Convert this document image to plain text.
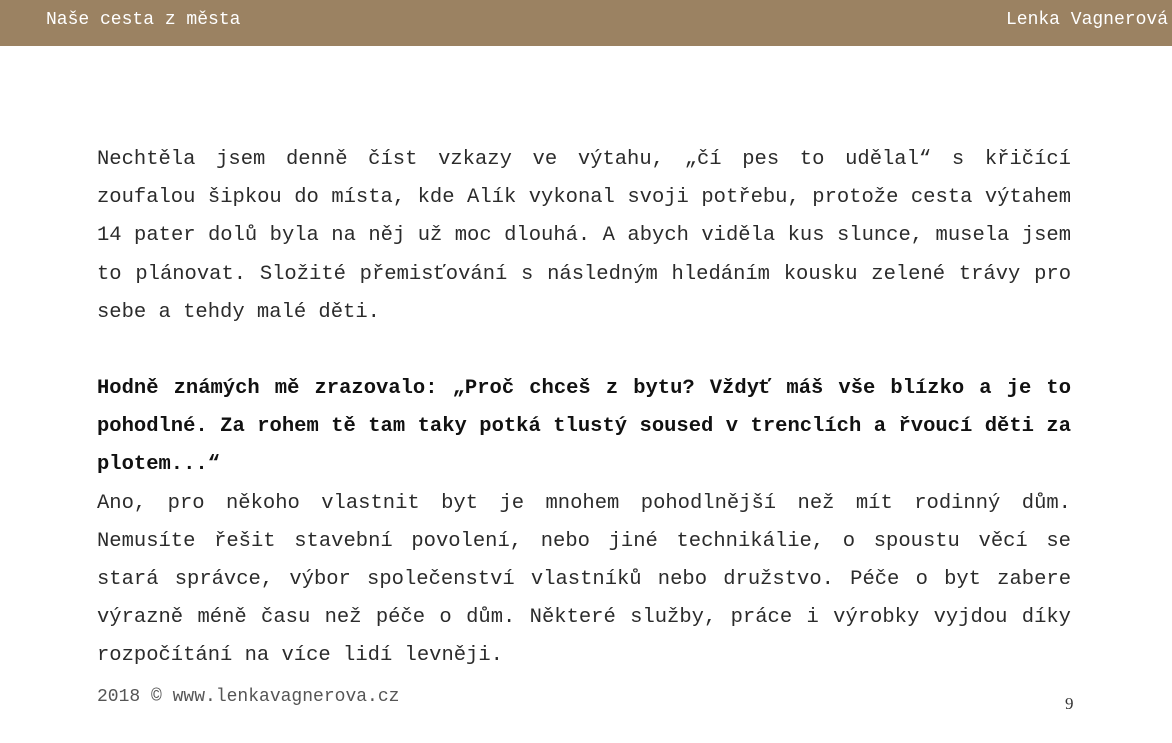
Naše cesta z města	Lenka Vagnerová

Nechtěla jsem denně číst vzkazy ve výtahu, „čí pes to udělal“ s křičící zoufalou šipkou do místa, kde Alík vykonal svoji potřebu, protože cesta výtahem 14 pater dolů byla na něj už moc dlouhá. A abych viděla kus slunce, musela jsem to plánovat. Složité přemisťování s následným hledáním kousku zelené trávy pro sebe a tehdy malé děti.

Hodně známých mě zrazovalo: „Proč chceš z bytu? Vždyť máš vše blízko a je to pohodlné. Za rohem tě tam taky potká tlustý soused v trenclích a řvoucí děti za plotem...“

Ano, pro někoho vlastnit byt je mnohem pohodlnější než mít rodinný dům. Nemusíte řešit stavební povolení, nebo jiné technikálie, o spoustu věcí se stará správce, výbor společenství vlastníků nebo družstvo. Péče o byt zabere výrazně méně času než péče o dům. Některé služby, práce i výrobky vyjdou díky rozpočítání na více lidí levněji.

2018 © www.lenkavagnerova.cz	9
